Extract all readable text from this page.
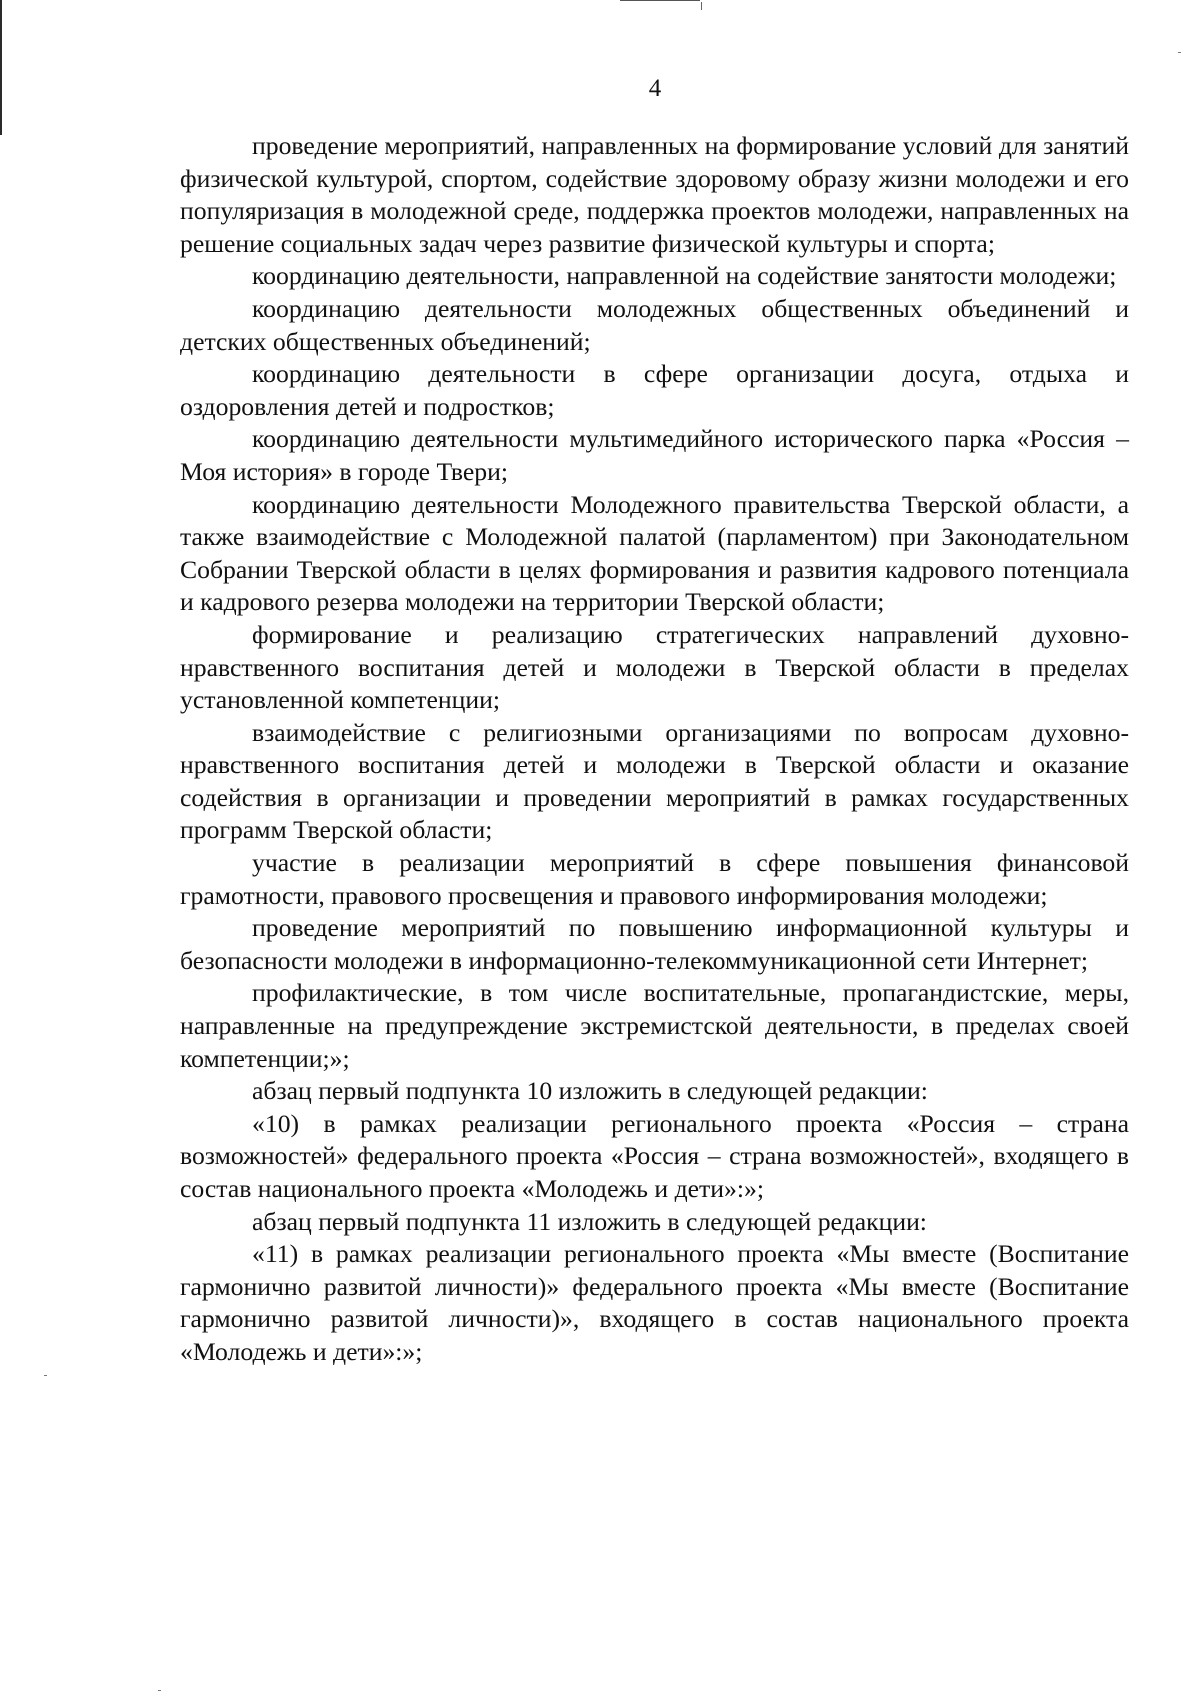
4

проведение мероприятий, направленных на формирование условий для занятий физической культурой, спортом, содействие здоровому образу жизни молодежи и его популяризация в молодежной среде, поддержка проектов молодежи, направленных на решение социальных задач через развитие физической культуры и спорта;

координацию деятельности, направленной на содействие занятости молодежи;

координацию деятельности молодежных общественных объединений и детских общественных объединений;

координацию деятельности в сфере организации досуга, отдыха и оздоровления детей и подростков;

координацию деятельности мультимедийного исторического парка «Россия – Моя история» в городе Твери;

координацию деятельности Молодежного правительства Тверской области, а также взаимодействие с Молодежной палатой (парламентом) при Законодательном Собрании Тверской области в целях формирования и развития кадрового потенциала и кадрового резерва молодежи на территории Тверской области;

формирование и реализацию стратегических направлений духовно-нравственного воспитания детей и молодежи в Тверской области в пределах установленной компетенции;

взаимодействие с религиозными организациями по вопросам духовно-нравственного воспитания детей и молодежи в Тверской области и оказание содействия в организации и проведении мероприятий в рамках государственных программ Тверской области;

участие в реализации мероприятий в сфере повышения финансовой грамотности, правового просвещения и правового информирования молодежи;

проведение мероприятий по повышению информационной культуры и безопасности молодежи в информационно-телекоммуникационной сети Интернет;

профилактические, в том числе воспитательные, пропагандистские, меры, направленные на предупреждение экстремистской деятельности, в пределах своей компетенции;»;

абзац первый подпункта 10 изложить в следующей редакции:

«10) в рамках реализации регионального проекта «Россия – страна возможностей» федерального проекта «Россия – страна возможностей», входящего в состав национального проекта «Молодежь и дети»:»;

абзац первый подпункта 11 изложить в следующей редакции:

«11) в рамках реализации регионального проекта «Мы вместе (Воспитание гармонично развитой личности)» федерального проекта «Мы вместе (Воспитание гармонично развитой личности)», входящего в состав национального проекта «Молодежь и дети»:»;
